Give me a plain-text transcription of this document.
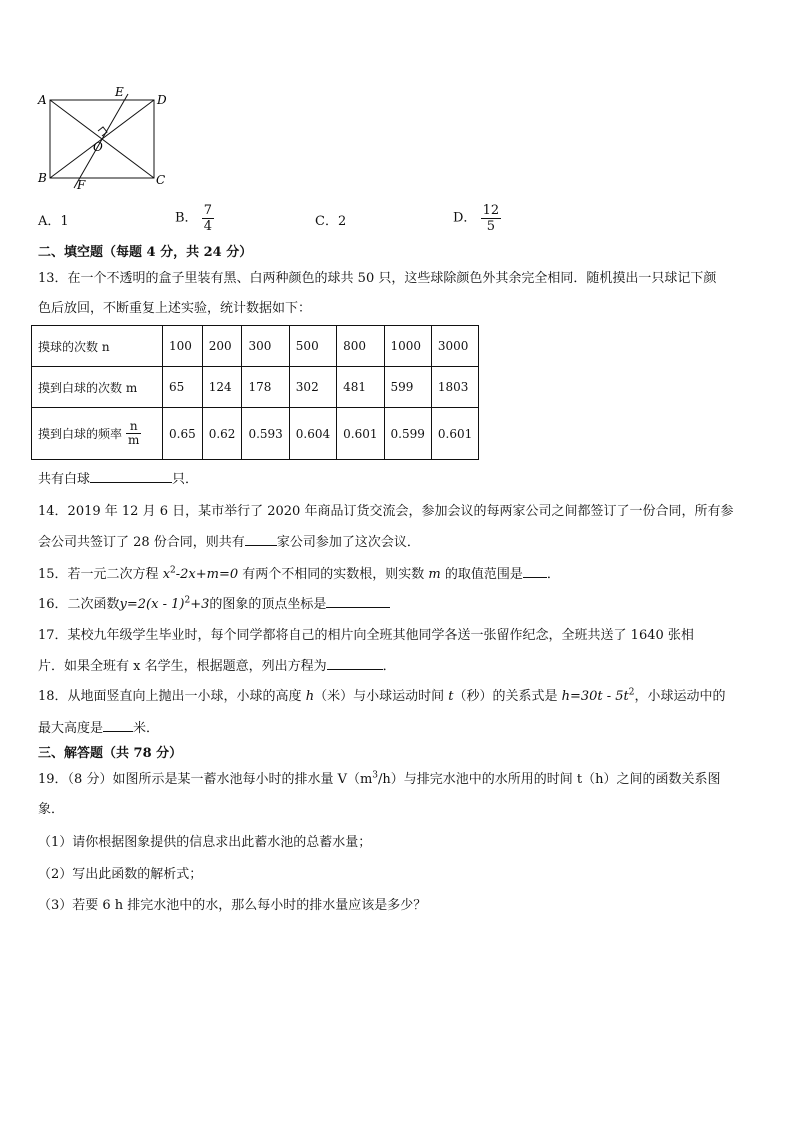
A	D
E
B	C
F
O
A．1	B． $\frac{7}{4}$	C．2	D． $\frac{12}{5}$
二、填空题（每题 4 分，共 24 分）
13．在一个不透明的盒子里装有黑、白两种颜色的球共 50 只，这些球除颜色外其余完全相同．随机摸出一只球记下颜
色后放回，不断重复上述实验，统计数据如下：
摸球的次数 n	100	200	300	500	800	1000	3000
摸到白球的次数 m	65	124	178	302	481	599	1803
摸到白球的频率 $\frac{n}{m}$	0.65	0.62	0.593	0.604	0.601	0.599	0.601
共有白球	只．
14．2019 年 12 月 6 日，某市举行了 2020 年商品订货交流会，参加会议的每两家公司之间都签订了一份合同，所有参
会公司共签订了 28 份合同，则共有 家公司参加了这次会议．
15．若一元二次方程 $x^2-2x+m=0$ 有两个不相同的实数根，则实数 m 的取值范围是 ．
16．二次函数y=2(x - 1)$^2$+3的图象的顶点坐标是
17．某校九年级学生毕业时，每个同学都将自己的相片向全班其他同学各送一张留作纪念，全班共送了 1640 张相
片．如果全班有 x 名学生，根据题意，列出方程为	．
18．从地面竖直向上抛出一小球，小球的高度 h（米）与小球运动时间 t（秒）的关系式是 $h=30t - 5t^2$，小球运动中的
最大高度是 米．
三、解答题（共 78 分）
19．（8 分）如图所示是某一蓄水池每小时的排水量 $V(m^3/h)$与排完水池中的水所用的时间 t（h）之间的函数关系图
象．
（1）请你根据图象提供的信息求出此蓄水池的总蓄水量；
（2）写出此函数的解析式；
（3）若要 6 h 排完水池中的水，那么每小时的排水量应该是多少？
